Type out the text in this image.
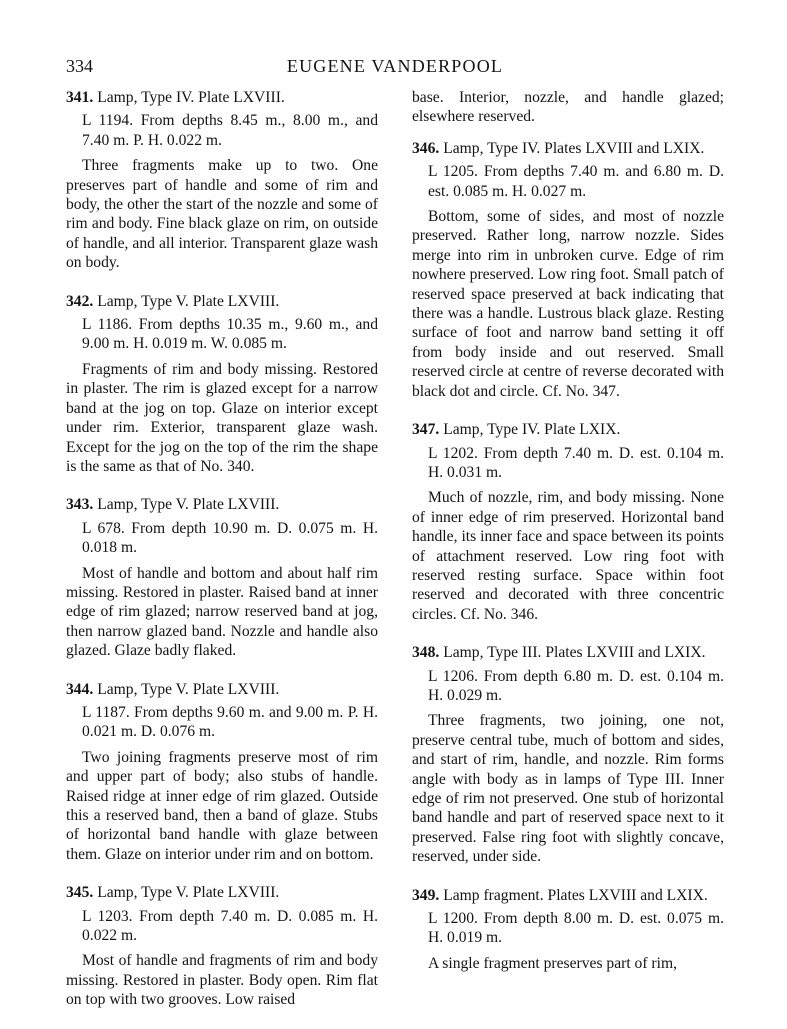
334	EUGENE VANDERPOOL

341. Lamp, Type IV. Plate LXVIII.

L 1194. From depths 8.45 m., 8.00 m., and 7.40 m. P. H. 0.022 m.

Three fragments make up to two. One preserves part of handle and some of rim and body, the other the start of the nozzle and some of rim and body. Fine black glaze on rim, on outside of handle, and all interior. Transparent glaze wash on body.

342. Lamp, Type V. Plate LXVIII.

L 1186. From depths 10.35 m., 9.60 m., and 9.00 m. H. 0.019 m. W. 0.085 m.

Fragments of rim and body missing. Restored in plaster. The rim is glazed except for a narrow band at the jog on top. Glaze on interior except under rim. Exterior, transparent glaze wash. Except for the jog on the top of the rim the shape is the same as that of No. 340.

343. Lamp, Type V. Plate LXVIII.

L 678. From depth 10.90 m. D. 0.075 m. H. 0.018 m.

Most of handle and bottom and about half rim missing. Restored in plaster. Raised band at inner edge of rim glazed; narrow reserved band at jog, then narrow glazed band. Nozzle and handle also glazed. Glaze badly flaked.

344. Lamp, Type V. Plate LXVIII.

L 1187. From depths 9.60 m. and 9.00 m. P. H. 0.021 m. D. 0.076 m.

Two joining fragments preserve most of rim and upper part of body; also stubs of handle. Raised ridge at inner edge of rim glazed. Outside this a reserved band, then a band of glaze. Stubs of horizontal band handle with glaze between them. Glaze on interior under rim and on bottom.

345. Lamp, Type V. Plate LXVIII.

L 1203. From depth 7.40 m. D. 0.085 m. H. 0.022 m.

Most of handle and fragments of rim and body missing. Restored in plaster. Body open. Rim flat on top with two grooves. Low raised

base. Interior, nozzle, and handle glazed; elsewhere reserved.

346. Lamp, Type IV. Plates LXVIII and LXIX.

L 1205. From depths 7.40 m. and 6.80 m. D. est. 0.085 m. H. 0.027 m.

Bottom, some of sides, and most of nozzle preserved. Rather long, narrow nozzle. Sides merge into rim in unbroken curve. Edge of rim nowhere preserved. Low ring foot. Small patch of reserved space preserved at back indicating that there was a handle. Lustrous black glaze. Resting surface of foot and narrow band setting it off from body inside and out reserved. Small reserved circle at centre of reverse decorated with black dot and circle. Cf. No. 347.

347. Lamp, Type IV. Plate LXIX.

L 1202. From depth 7.40 m. D. est. 0.104 m. H. 0.031 m.

Much of nozzle, rim, and body missing. None of inner edge of rim preserved. Horizontal band handle, its inner face and space between its points of attachment reserved. Low ring foot with reserved resting surface. Space within foot reserved and decorated with three concentric circles. Cf. No. 346.

348. Lamp, Type III. Plates LXVIII and LXIX.

L 1206. From depth 6.80 m. D. est. 0.104 m. H. 0.029 m.

Three fragments, two joining, one not, preserve central tube, much of bottom and sides, and start of rim, handle, and nozzle. Rim forms angle with body as in lamps of Type III. Inner edge of rim not preserved. One stub of horizontal band handle and part of reserved space next to it preserved. False ring foot with slightly concave, reserved, under side.

349. Lamp fragment. Plates LXVIII and LXIX.

L 1200. From depth 8.00 m. D. est. 0.075 m. H. 0.019 m.

A single fragment preserves part of rim,
